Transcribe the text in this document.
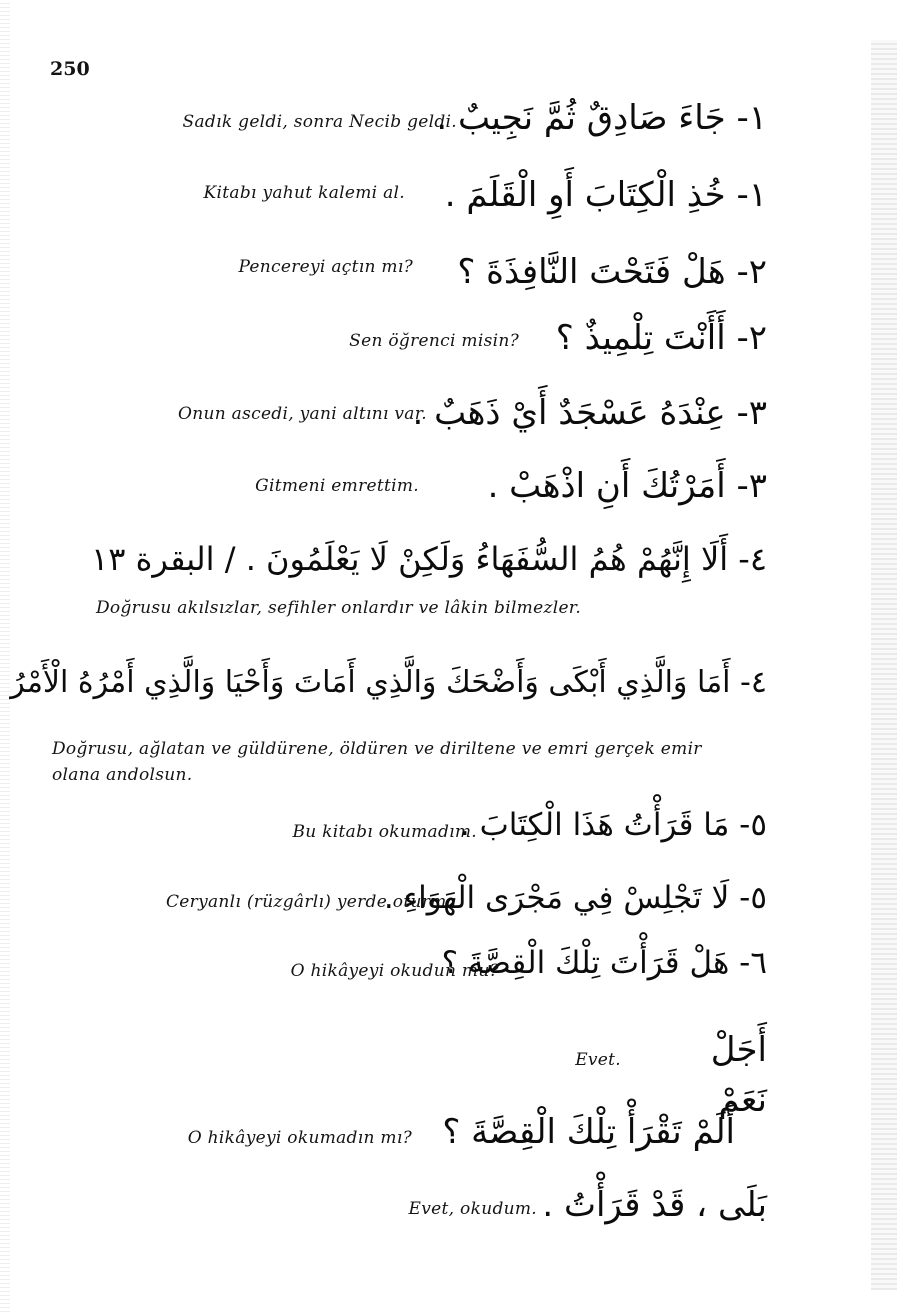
250
Sadık geldi, sonra Necib geldi.
١- جَاءَ صَادِقٌ ثُمَّ نَجِيبٌ .
Kitabı yahut kalemi al. ١- خُذِ الْكِتَابَ أَوِ الْقَلَمَ .
Pencereyi açtın mı? ٢- هَلْ فَتَحْتَ النَّافِذَةَ ؟
Sen öğrenci misin? ٢- أَأَنْتَ تِلْمِيذٌ ؟
Onun ascedi, yani altını var.
٣- عِنْدَهُ عَسْجَدٌ أَيْ ذَهَبٌ .
Gitmeni emrettim. ٣- أَمَرْتُكَ أَنِ اذْهَبْ .
٤- أَلَا إِنَّهُمْ هُمُ السُّفَهَاءُ وَلَكِنْ لَا يَعْلَمُونَ . / البقرة ١٣
Doğrusu akılsızlar, sefihler onlardır ve lâkin bilmezler.
٤- أَمَا وَالَّذِي أَبْكَى وَأَضْحَكَ وَالَّذِي أَمَاتَ وَأَحْيَا وَالَّذِي أَمْرُهُ الْأَمْرُ
Doğrusu, ağlatan ve güldürene, öldüren ve diriltene ve emri gerçek emir olana andolsun.
Bu kitabı okumadım.
٥- مَا قَرَأْتُ هَذَا الْكِتَابَ .
Ceryanlı (rüzgârlı) yerde oturma
٥- لَا تَجْلِسْ فِي مَجْرَى الْهَوَاءِ .
O hikâyeyi okudun mu?
٦- هَلْ قَرَأْتَ تِلْكَ الْقِصَّةَ ؟
Evet.	أَجَلْ
نَعَمْ
O hikâyeyi okumadın mı? أَلَمْ تَقْرَأْ تِلْكَ الْقِصَّةَ ؟
Evet, okudum. بَلَى ، قَدْ قَرَأْتُ .
